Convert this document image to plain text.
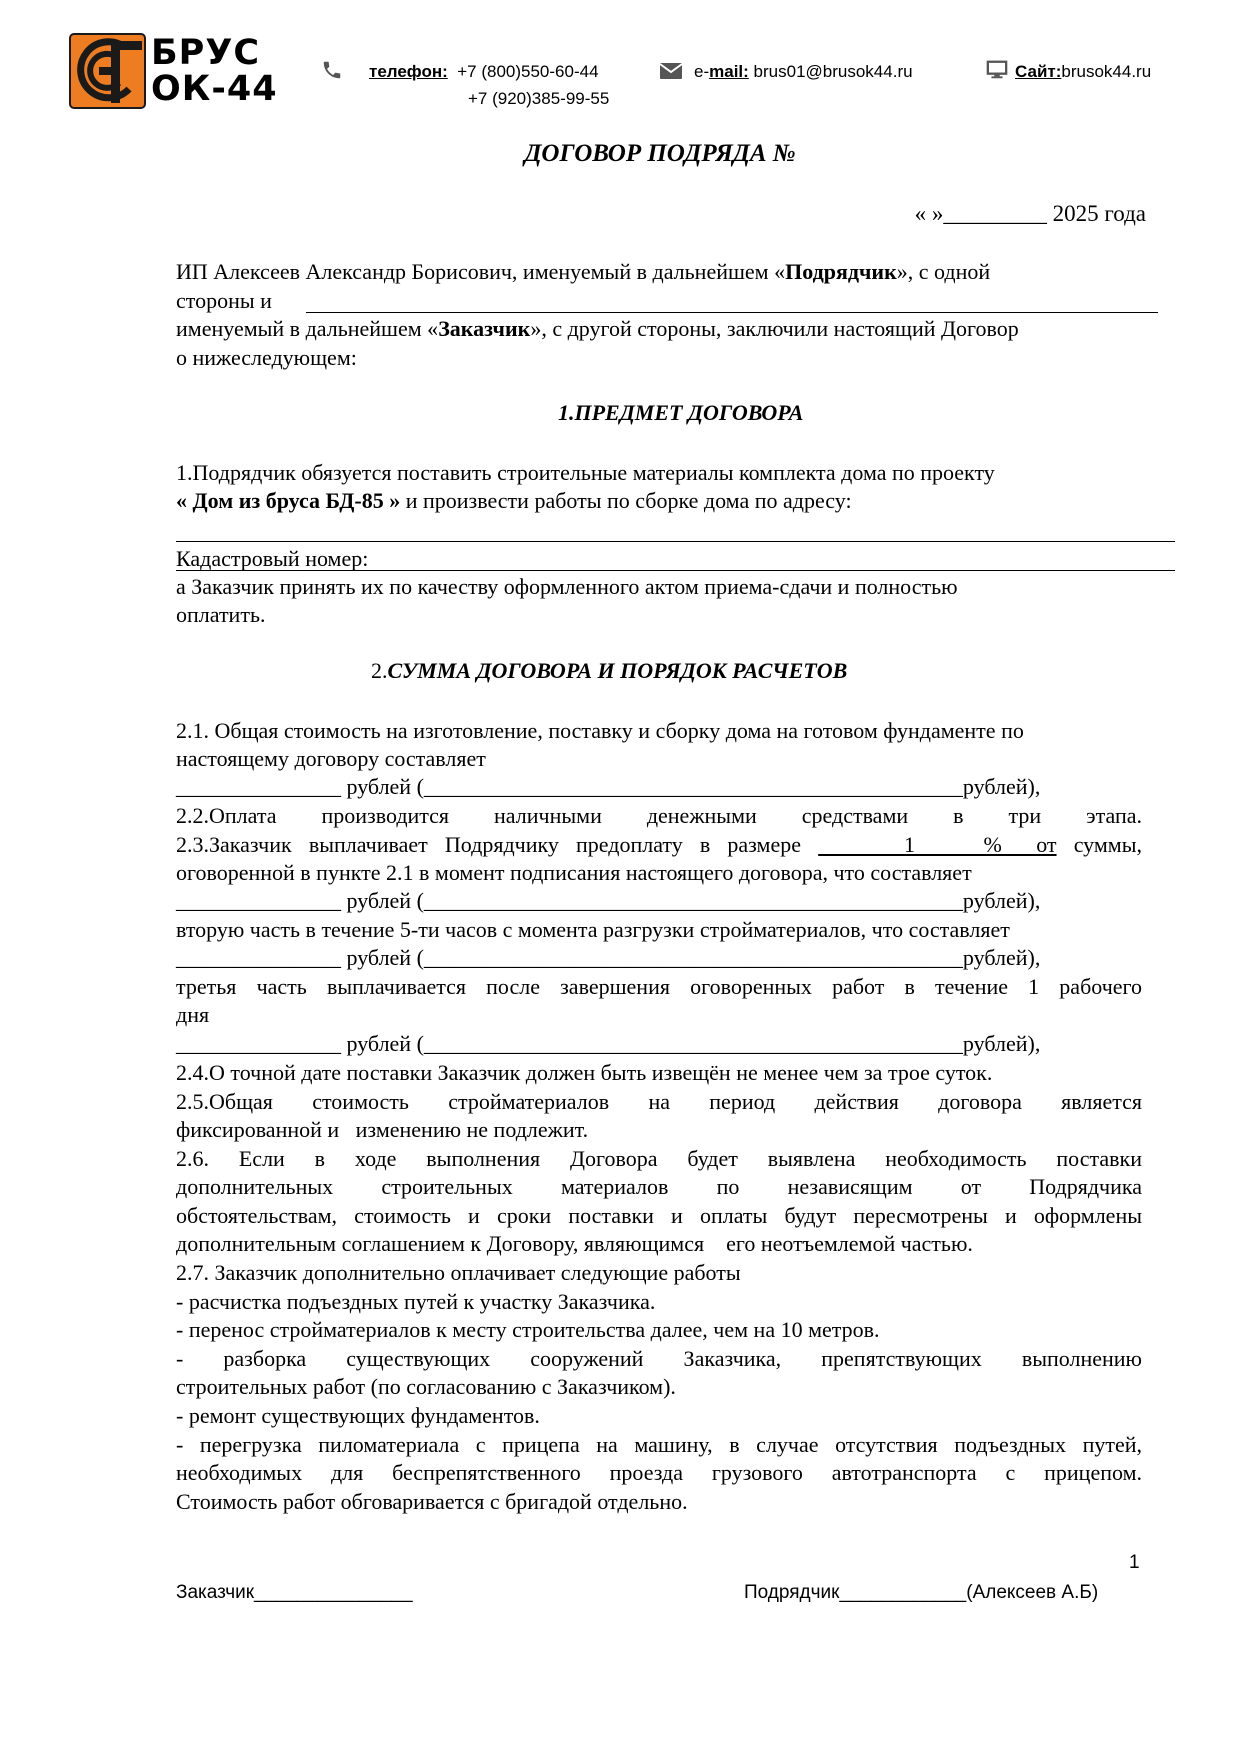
БРУС
ОК-44	телефон: +7 (800)550-60-44
+7 (920)385-99-55
e-mail: brus01@brusok44.ru	Сайт:brusok44.ru
ДОГОВОР ПОДРЯДА №
« »_________ 2025 года
ИП Алексеев Александр Борисович, именуемый в дальнейшем «Подрядчик», с одной
стороны и
именуемый в дальнейшем «Заказчик», с другой стороны, заключили настоящий Договор
о нижеследующем:
1.ПРЕДМЕТ ДОГОВОРА
1.Подрядчик обязуется поставить строительные материалы комплекта дома по проекту
« Дом из бруса БД-85 » и произвести работы по сборке дома по адресу:
Кадастровый номер:
а Заказчик принять их по качеству оформленного актом приема-сдачи и полностью
оплатить.
2.СУММА ДОГОВОРА И ПОРЯДОК РАСЧЕТОВ
2.1. Общая стоимость на изготовление, поставку и сборку дома на готовом фундаменте по
настоящему договору составляет
_______________ рублей (_________________________________________________рублей),
2.2.Оплата производится наличными денежными средствами в три этапа.
2.3.Заказчик выплачивает Подрядчику предоплату в размере      1    %  от суммы,
оговоренной в пункте 2.1 в момент подписания настоящего договора, что составляет
_______________ рублей (_________________________________________________рублей),
вторую часть в течение 5-ти часов с момента разгрузки стройматериалов, что составляет
_______________ рублей (_________________________________________________рублей),
третья часть выплачивается после завершения оговоренных работ в течение 1 рабочего
дня
_______________ рублей (_________________________________________________рублей),
2.4.О точной дате поставки Заказчик должен быть извещён не менее чем за трое суток.
2.5.Общая стоимость стройматериалов на период действия договора является
фиксированной и   изменению не подлежит.
2.6. Если в ходе выполнения Договора будет выявлена необходимость поставки
дополнительных строительных материалов по независящим от Подрядчика
обстоятельствам, стоимость и сроки поставки и оплаты будут пересмотрены и оформлены
дополнительным соглашением к Договору, являющимся    его неотъемлемой частью.
2.7. Заказчик дополнительно оплачивает следующие работы
- расчистка подъездных путей к участку Заказчика.
- перенос стройматериалов к месту строительства далее, чем на 10 метров.
- разборка существующих сооружений Заказчика, препятствующих выполнению
строительных работ (по согласованию с Заказчиком).
- ремонт существующих фундаментов.
- перегрузка пиломатериала с прицепа на машину, в случае отсутствия подъездных путей,
необходимых для беспрепятственного проезда грузового автотранспорта с прицепом.
Стоимость работ обговаривается с бригадой отдельно.
1
Заказчик_______________	Подрядчик____________(Алексеев А.Б)
